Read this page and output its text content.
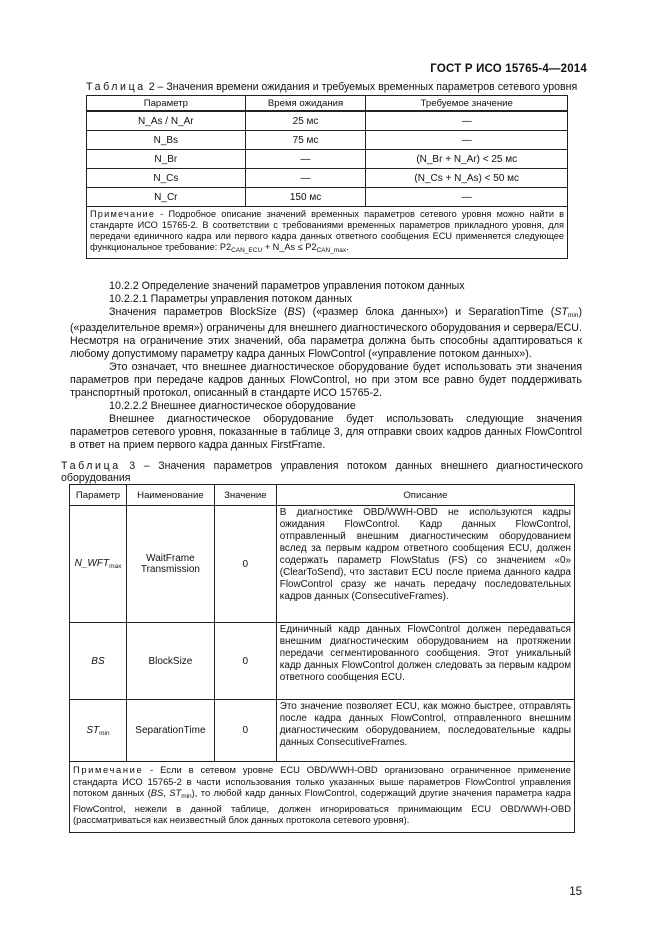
ГОСТ Р ИСО 15765-4—2014
Таблица 2 – Значения времени ожидания и требуемых временных параметров сетевого уровня
Параметр	Время ожидания	Требуемое значение
N_As / N_Ar	25 мс	—
N_Bs	75 мс	—
N_Br	—	(N_Br + N_Ar) < 25 мс
N_Cs	—	(N_Cs + N_As) < 50 мс
N_Cr	150 мс	—
Примечание - Подробное описание значений временных параметров сетевого уровня можно найти в стандарте ИСО 15765-2. В соответствии с требованиями временных параметров прикладного уровня, для передачи единичного кадра или первого кадра данных ответного сообщения ECU применяется следующее функциональное требование: $P2_{CAN\_ECU}$ + N_As ≤ $P2_{CAN\_max}$.		
10.2.2 Определение значений параметров управления потоком данных
10.2.2.1 Параметры управления потоком данных
Значения параметров BlockSize (BS) («размер блока данных») и SeparationTime $(ST_{min})$ («разделительное время») ограничены для внешнего диагностического оборудования и сервера/ECU. Несмотря на ограничение этих значений, оба параметра должна быть способны адаптироваться к любому допустимому параметру кадра данных FlowControl («управление потоком данных»).
Это означает, что внешнее диагностическое оборудование будет использовать эти значения параметров при передаче кадров данных FlowControl, но при этом все равно будет поддерживать транспортный протокол, описанный в стандарте ИСО 15765-2.
10.2.2.2 Внешнее диагностическое оборудование
Внешнее диагностическое оборудование будет использовать следующие значения параметров сетевого уровня, показанные в таблице 3, для отправки своих кадров данных FlowControl в ответ на прием первого кадра данных FirstFrame.
Таблица 3 – Значения параметров управления потоком данных внешнего диагностического оборудования
Параметр	Наименование	Значение	Описание
$N\_WFT_{max}$	WaitFrame Transmission	0	В диагностике OBD/WWH-OBD не используются кадры ожидания FlowControl. Кадр данных FlowControl, отправленный внешним диагностическим оборудованием вслед за первым кадром ответного сообщения ECU, должен содержать параметр FlowStatus (FS) со значением «0» (ClearToSend), что заставит ECU после приема данного кадра FlowControl сразу же начать передачу последовательных кадров данных (ConsecutiveFrames).
BS	BlockSize	0	Единичный кадр данных FlowControl должен передаваться внешним диагностическим оборудованием на протяжении передачи сегментированного сообщения. Этот уникальный кадр данных FlowControl должен следовать за первым кадром ответного сообщения ECU.
$ST_{min}$	SeparationTime	0	Это значение позволяет ECU, как можно быстрее, отправлять после кадра данных FlowControl, отправленного внешним диагностическим оборудованием, последовательные кадры данных ConsecutiveFrames.
Примечание - Если в сетевом уровне ECU OBD/WWH-OBD организовано ограниченное применение стандарта ИСО 15765-2 в части использования только указанных выше параметров FlowControl управления потоком данных (BS, $ST_{min}$), то любой кадр данных FlowControl, содержащий другие значения параметра кадра FlowControl, нежели в данной таблице, должен игнорироваться принимающим ECU OBD/WWH-OBD (рассматриваться как неизвестный блок данных протокола сетевого уровня).			
15
